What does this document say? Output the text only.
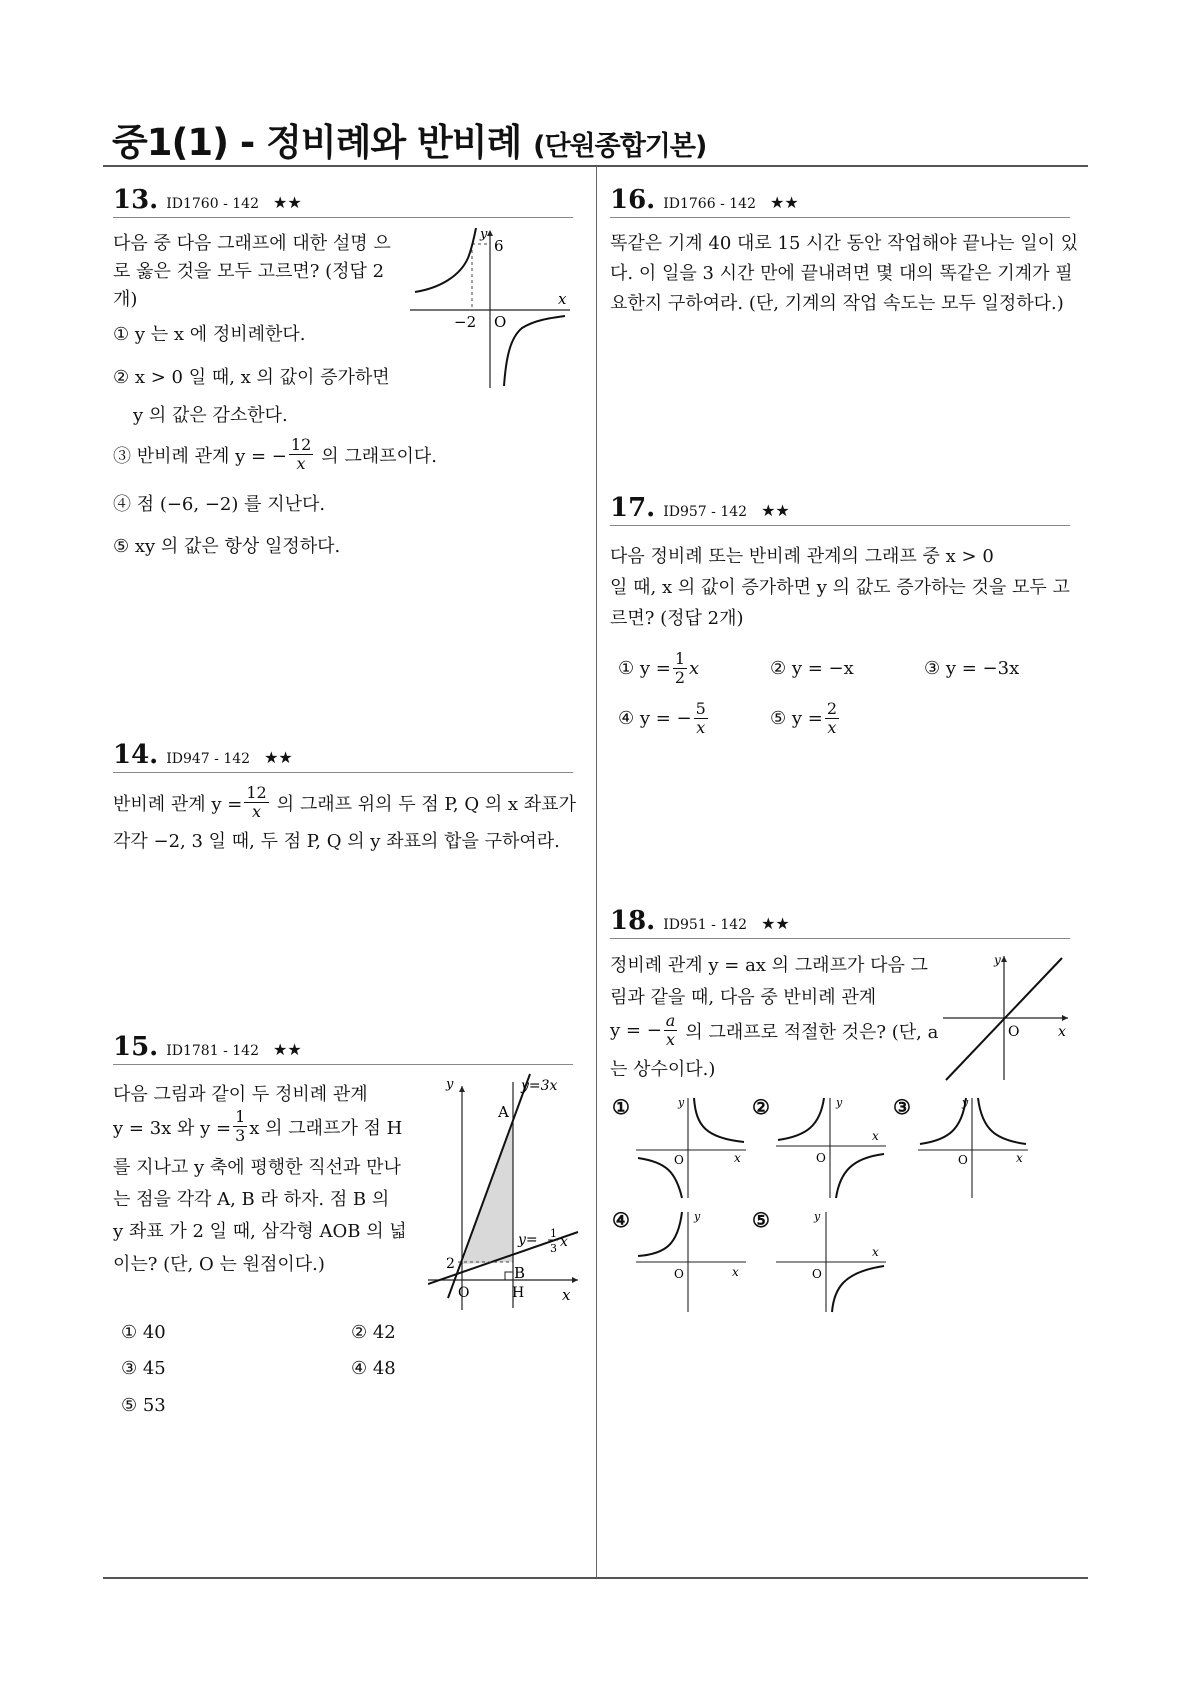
중1(1) - 정비례와 반비례 (단원종합기본)
13. ID1760 - 142 ★★
다음 중 다음 그래프에 대한 설명 으
로 옳은 것을 모두 고르면? (정답 2
개)
① y 는 x 에 정비례한다.
② x > 0 일 때, x 의 값이 증가하면
y 의 값은 감소한다.
③ 반비례 관계 y = − $\frac{12}{x}$ 의 그래프이다.
④ 점 (−6, −2) 를 지난다.
⑤ xy 의 값은 항상 일정하다.
y
x
6
−2 O
14. ID947 - 142 ★★
반비례 관계 $y = \frac{12}{x}$ 의 그래프 위의 두 점 P, Q 의 x 좌표가
각각 −2, 3 일 때, 두 점 P, Q 의 y 좌표의 합을 구하여라.
15. ID1781 - 142 ★★
다음 그림과 같이 두 정비례 관계
y = 3x 와 $y = \frac{1}{3}$ x 의 그래프가 점 H
를 지나고 y 축에 평행한 직선과 만나
는 점을 각각 A, B 라 하자. 점 B 의
y 좌표 가 2 일 때, 삼각형 AOB 의 넓
이는? (단, O 는 원점이다.)
y
x
y=3x
A
y= 1
3 x
2	B
O	H
① 40	② 42
③ 45	④ 48
⑤ 53
16. ID1766 - 142 ★★
똑같은 기계 40 대로 15 시간 동안 작업해야 끝나는 일이 있
다. 이 일을 3 시간 만에 끝내려면 몇 대의 똑같은 기계가 필
요한지 구하여라. (단, 기계의 작업 속도는 모두 일정하다.)
17. ID957 - 142 ★★
다음 정비례 또는 반비례 관계의 그래프 중 x > 0
일 때, x 의 값이 증가하면 y 의 값도 증가하는 것을 모두 고
르면? (정답 2개)
① $y = \frac{1}{2}$ x	② y = −x	③ y = −3x
④ y = − $\frac{5}{x}$	⑤ $y = \frac{2}{x}$
18. ID951 - 142 ★★
정비례 관계 y = ax 의 그래프가 다음 그
림과 같을 때, 다음 중 반비례 관계
y = − $\frac{a}{x}$ 의 그래프로 적절한 것은? (단, a
는 상수이다.)
y
x
O
①	y
x
O
②	y
x
O
③	y
x
O
④	y
x
O
⑤	y
x
O
